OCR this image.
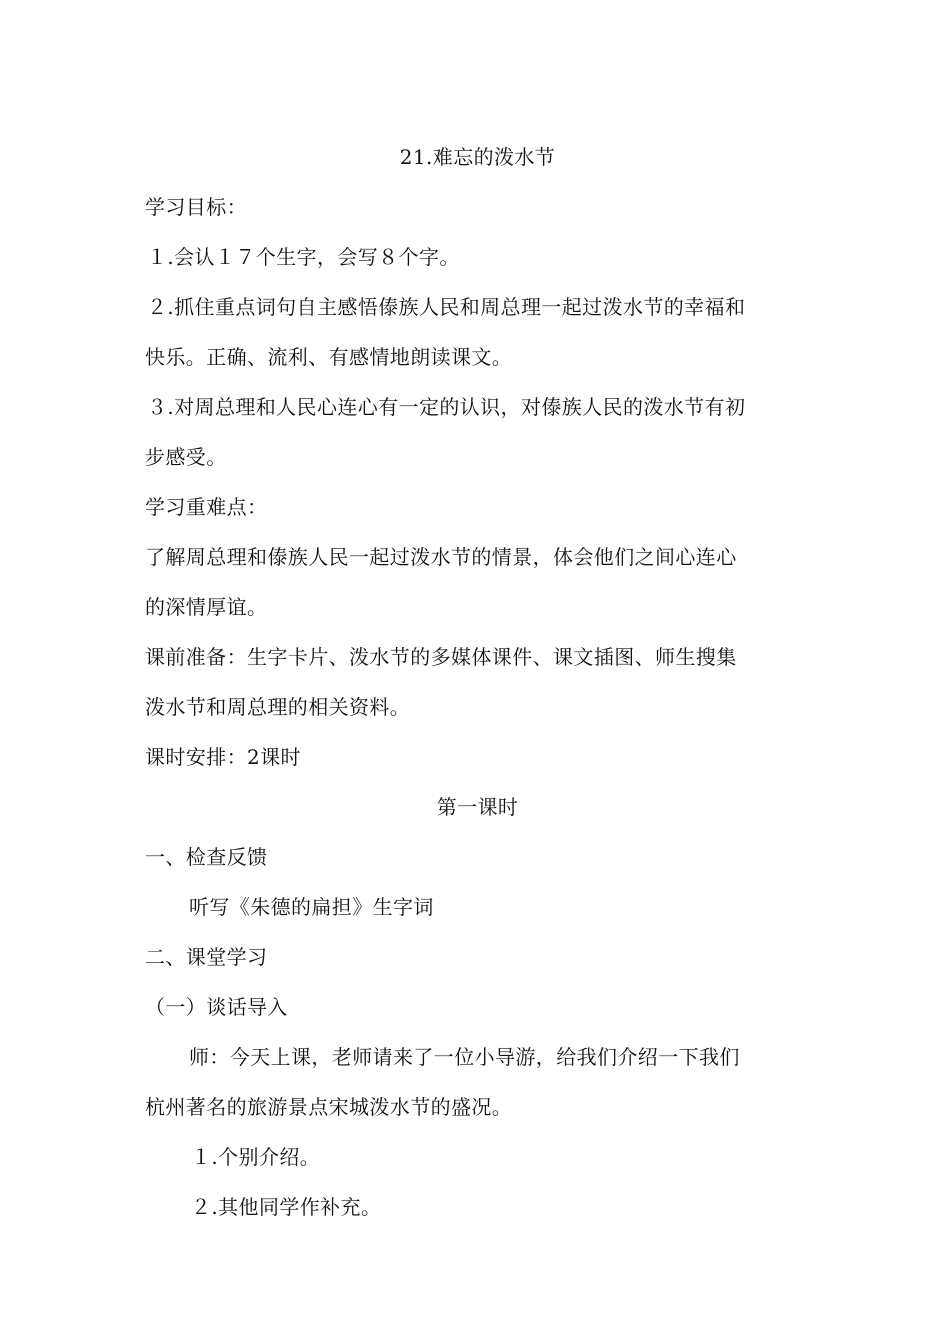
21.难忘的泼水节
学习目标：
１.会认１７个生字，会写８个字。
２.抓住重点词句自主感悟傣族人民和周总理一起过泼水节的幸福和
快乐。正确、流利、有感情地朗读课文。
３.对周总理和人民心连心有一定的认识，对傣族人民的泼水节有初
步感受。
学习重难点：
了解周总理和傣族人民一起过泼水节的情景，体会他们之间心连心
的深情厚谊。
课前准备：生字卡片、泼水节的多媒体课件、课文插图、师生搜集
泼水节和周总理的相关资料。
课时安排：2课时
第一课时
一、检查反馈
听写《朱德的扁担》生字词
二、课堂学习
（一）谈话导入
师：今天上课，老师请来了一位小导游，给我们介绍一下我们
杭州著名的旅游景点宋城泼水节的盛况。
１.个别介绍。
２.其他同学作补充。
